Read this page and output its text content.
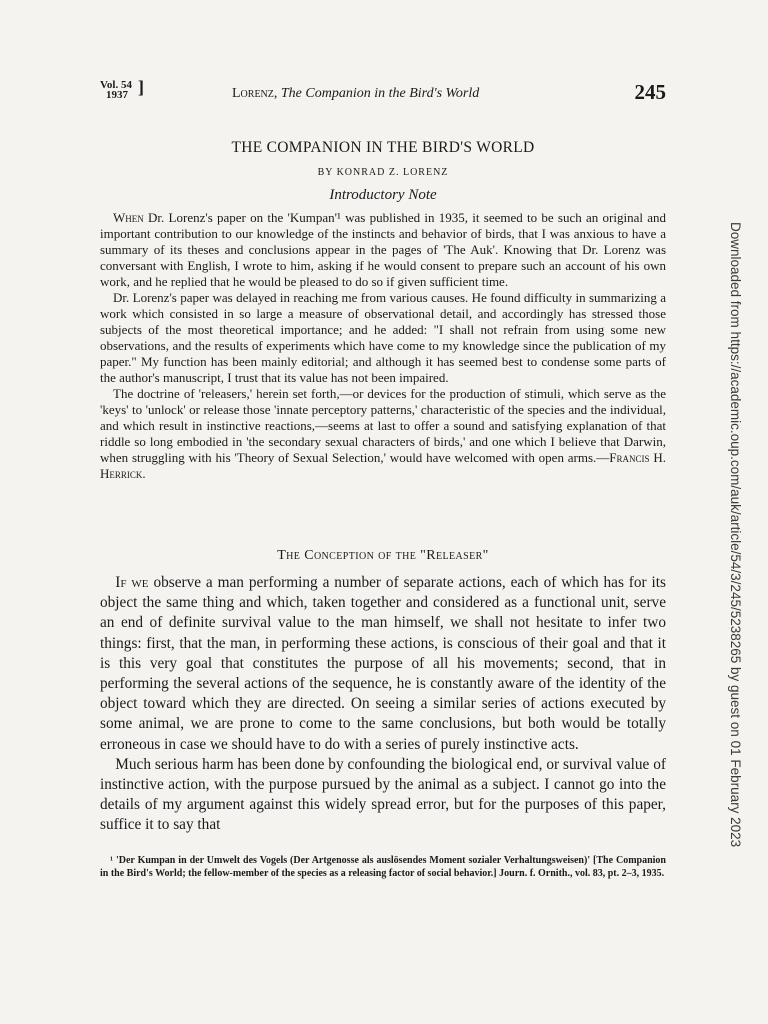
Vol. 54
1937 ]	Lorenz, The Companion in the Bird's World	245
THE COMPANION IN THE BIRD'S WORLD
BY KONRAD Z. LORENZ
Introductory Note

 When Dr. Lorenz's paper on the 'Kumpan'¹ was published in 1935, it seemed to be such an original and important contribution to our knowledge of the instincts and behavior of birds, that I was anxious to have a summary of its theses and conclusions appear in the pages of 'The Auk'. Knowing that Dr. Lorenz was conversant with English, I wrote to him, asking if he would consent to prepare such an account of his own work, and he replied that he would be pleased to do so if given sufficient time.

 Dr. Lorenz's paper was delayed in reaching me from various causes. He found difficulty in summarizing a work which consisted in so large a measure of observational detail, and accordingly has stressed those subjects of the most theoretical importance; and he added: "I shall not refrain from using some new observations, and the results of experiments which have come to my knowledge since the publication of my paper." My function has been mainly editorial; and although it has seemed best to condense some parts of the author's manuscript, I trust that its value has not been impaired.

 The doctrine of 'releasers,' herein set forth,—or devices for the production of stimuli, which serve as the 'keys' to 'unlock' or release those 'innate perceptory patterns,' characteristic of the species and the individual, and which result in instinctive reactions,—seems at last to offer a sound and satisfying explanation of that riddle so long embodied in 'the secondary sexual characters of birds,' and one which I believe that Darwin, when struggling with his 'Theory of Sexual Selection,' would have welcomed with open arms.—Francis H. Herrick.

The Conception of the "Releaser"

 If we observe a man performing a number of separate actions, each of which has for its object the same thing and which, taken together and considered as a functional unit, serve an end of definite survival value to the man himself, we shall not hesitate to infer two things: first, that the man, in performing these actions, is conscious of their goal and that it is this very goal that constitutes the purpose of all his movements; second, that in performing the several actions of the sequence, he is constantly aware of the identity of the object toward which they are directed. On seeing a similar series of actions executed by some animal, we are prone to come to the same conclusions, but both would be totally erroneous in case we should have to do with a series of purely instinctive acts.

 Much serious harm has been done by confounding the biological end, or survival value of instinctive action, with the purpose pursued by the animal as a subject. I cannot go into the details of my argument against this widely spread error, but for the purposes of this paper, suffice it to say that

 ¹ 'Der Kumpan in der Umwelt des Vogels (Der Artgenosse als auslösendes Moment sozialer Verhaltungsweisen)' [The Companion in the Bird's World; the fellow-member of the species as a releasing factor of social behavior.] Journ. f. Ornith., vol. 83, pt. 2–3, 1935.
Downloaded from https://academic.oup.com/auk/article/54/3/245/5238265 by guest on 01 February 2023
